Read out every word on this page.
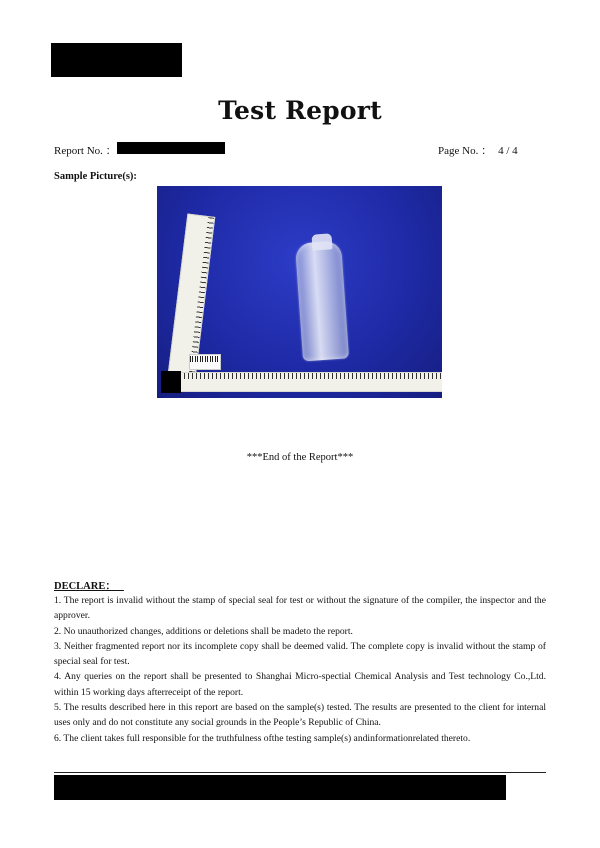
Test Report
Report No. ：	Page No. ： 4 / 4
Sample Picture(s):
***End of the Report***
DECLARE：
1. The report is invalid without the stamp of special seal for test or without the signature of the compiler, the inspector and the approver.
2. No unauthorized changes, additions or deletions shall be madeto the report.
3. Neither fragmented report nor its incomplete copy shall be deemed valid. The complete copy is invalid without the stamp of special seal for test.
4. Any queries on the report shall be presented to Shanghai Micro-spectial Chemical Analysis and Test technology Co.,Ltd. within 15 working days afterreceipt of the report.
5. The results described here in this report are based on the sample(s) tested. The results are presented to the client for internal uses only and do not constitute any social grounds in the People’s Republic of China.
6. The client takes full responsible for the truthfulness ofthe testing sample(s) andinformationrelated thereto.
